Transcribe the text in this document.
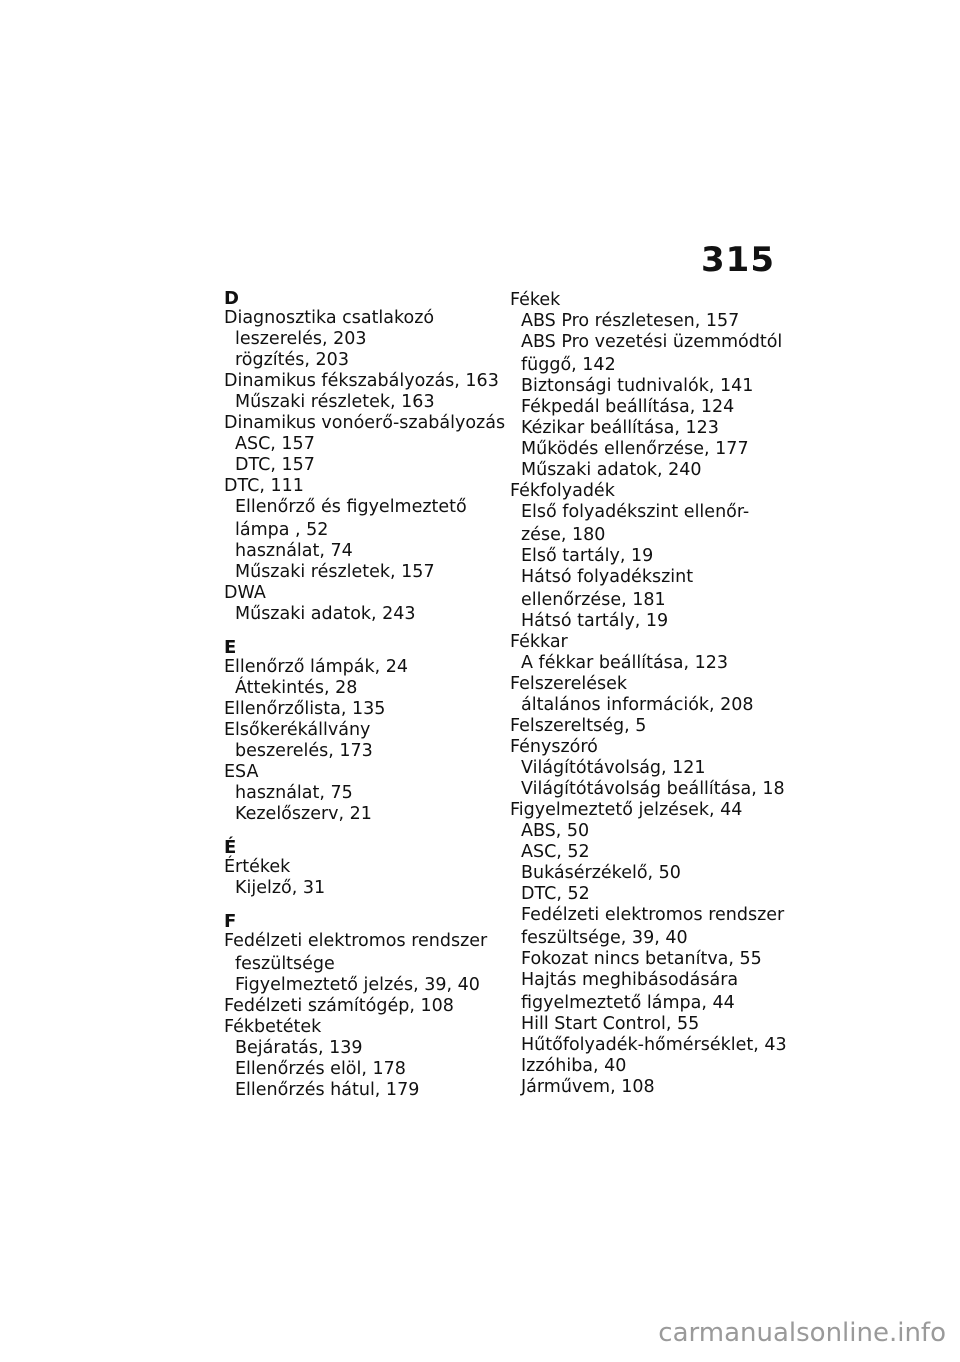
315
D
Diagnosztika csatlakozó
leszerelés, 203
rögzítés, 203
Dinamikus fékszabályozás, 163
Műszaki részletek, 163
Dinamikus vonóerő-szabályozás
ASC, 157
DTC, 157
DTC, 111
Ellenőrző és figyelmeztető
lámpa , 52
használat, 74
Műszaki részletek, 157
DWA
Műszaki adatok, 243
E
Ellenőrző lámpák, 24
Áttekintés, 28
Ellenőrzőlista, 135
Elsőkerékállvány
beszerelés, 173
ESA
használat, 75
Kezelőszerv, 21
É
Értékek
Kijelző, 31
F
Fedélzeti elektromos rendszer
feszültsége
Figyelmeztető jelzés, 39, 40
Fedélzeti számítógép, 108
Fékbetétek
Bejáratás, 139
Ellenőrzés elöl, 178
Ellenőrzés hátul, 179
Fékek
ABS Pro részletesen, 157
ABS Pro vezetési üzemmódtól
függő, 142
Biztonsági tudnivalók, 141
Fékpedál beállítása, 124
Kézikar beállítása, 123
Működés ellenőrzése, 177
Műszaki adatok, 240
Fékfolyadék
Első folyadékszint ellenőr-
zése, 180
Első tartály, 19
Hátsó folyadékszint
ellenőrzése, 181
Hátsó tartály, 19
Fékkar
A fékkar beállítása, 123
Felszerelések
általános információk, 208
Felszereltség, 5
Fényszóró
Világítótávolság, 121
Világítótávolság beállítása, 18
Figyelmeztető jelzések, 44
ABS, 50
ASC, 52
Bukásérzékelő, 50
DTC, 52
Fedélzeti elektromos rendszer
feszültsége, 39, 40
Fokozat nincs betanítva, 55
Hajtás meghibásodására
figyelmeztető lámpa, 44
Hill Start Control, 55
Hűtőfolyadék-hőmérséklet, 43
Izzóhiba, 40
Járművem, 108
carmanualsonline.info
